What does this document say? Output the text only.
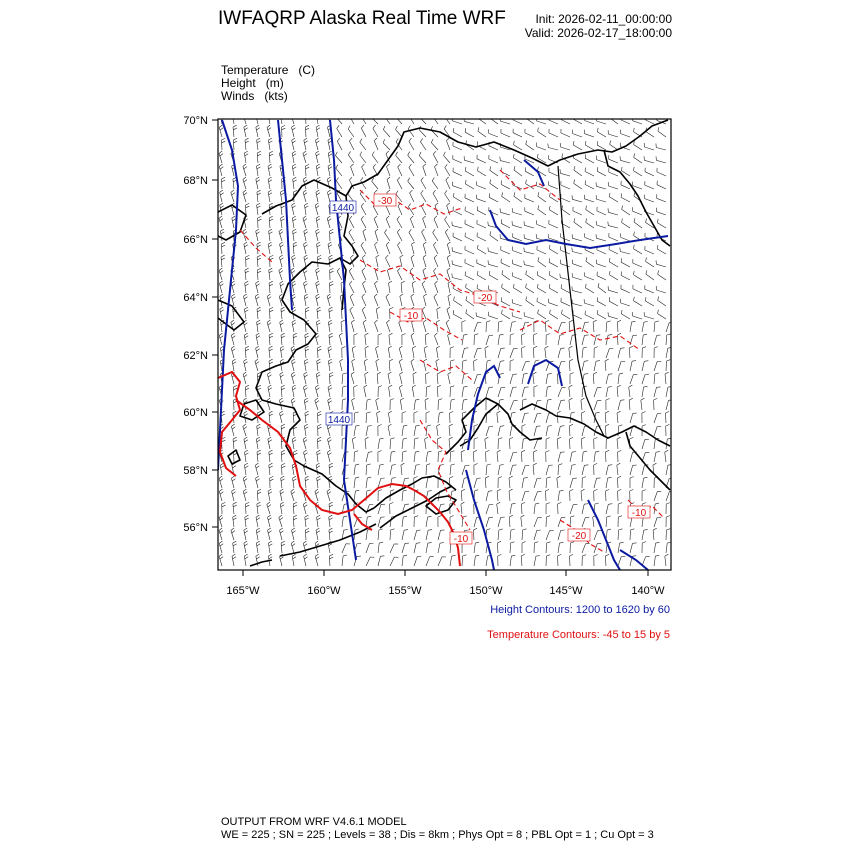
IWFAQRP Alaska Real Time WRF Init: 2026-02-11_00:00:00
Valid: 2026-02-17_18:00:00
Temperature (C)
Height (m)
Winds (kts)
1440
1440
-30
-20
-10
-20
-10
-10
70°N
68°N
66°N
64°N
62°N
60°N
58°N
56°N
165°W	160°W	155°W	150°W	145°W	140°W
Height Contours: 1200 to 1620 by 60
Temperature Contours: -45 to 15 by 5
OUTPUT FROM WRF V4.6.1 MODEL
WE = 225 ; SN = 225 ; Levels = 38 ; Dis = 8km ; Phys Opt = 8 ; PBL Opt = 1 ; Cu Opt = 3
